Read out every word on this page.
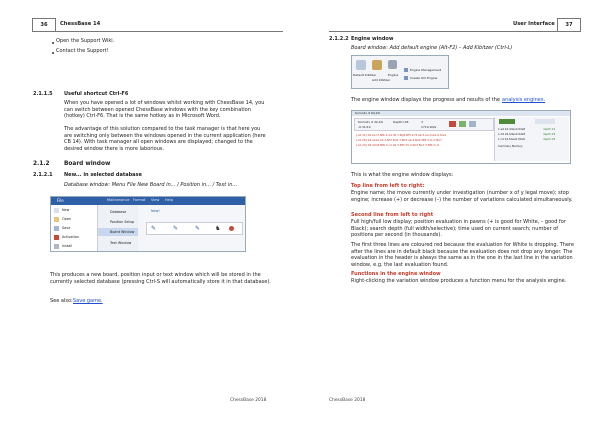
36	ChessBase 14
Open the Support Wiki.
Contact the Support!
2.1.1.5 Useful shortcut Ctrl-F6
When you have opened a lot of windows whilst working with ChessBase 14, you can switch between opened ChessBase windows with the key combination (hotkey) Ctrl-F6. That is the same hotkey as in Microsoft Word.
The advantage of this solution compared to the task manager is that here you are switching only between the windows opened in the current application (here CB 14). With task manager all open windows are displayed; changed to the desired window there is more laborious.
2.1.2 Board window
2.1.2.1 New... in selected database
Database window: Menu File New Board in... / Position in... / Text in...
File	Maintenance Format View Help
New
Open
Save
Activation
Install
Database
Position Setup
Board Window
Text Window
New!
✎	✎	✎ ♞
This produces a new board, position input or text window which will be stored in the currently selected database (pressing Ctrl-S will automatically store it in that database).
See also: Save game.
ChessBase 2018
User Interface	37
2.1.2.2 Engine window
Board window: Add default engine (Alt-F2) – Add Kibitzer (Ctrl-L)
Default Kibitzer
Add Kibitzer
Engine
Engine Management
Create UCI Engine
The engine window displays the progress and results of the analysis engines.
Komodo 9 64-bit
Komodo 9 32-bit	Depth=18	3
-0.31/19	1719 kN/s
[+0.31] 19 b1c3 Nf6 2.d4 d5 3.Bg5 Bf5 4.f3 e6 5.e4 dxe4 6.fxe4
[+0.28] 19 e2e4 e5 2.Nf3 Nc6 3.Bb5 a6 4.Ba4 Nf6 5.O-O Be7
[+0.24] 18 d2d4 Nf6 2.c4 e6 3.Nf3 d5 4.Nc3 Be7 5.Bf4 O-O
1.e4 22.4dev0 64x8	depth:19
1.d4 22.6dev0 64x8	depth:18
1.c4 22.5dev0 64x8	depth:18
Summary Memory
This is what the engine window displays:
Top line from left to right:
Engine name; the move currently under investigation (number x of y legal move); stop engine; increase (+) or decrease (–) the number of variations calculated simultaneously.
Second line from left to right
Full high/full low display; position evaluation in pawns (+ is good for White, – good for Black); search depth (full width/selective); time used on current search; number of positions per second (in thousands).
The first three lines are coloured red because the evaluation for White is dropping. There after the lines are in default black because the evaluation does not drop any longer. The evaluation in the header is always the same as in the one in the last line in the variation window, e.g. the last evaluation found.
Functions in the engine window
Right-clicking the variation window produces a function menu for the analysis engine.
ChessBase 2018
